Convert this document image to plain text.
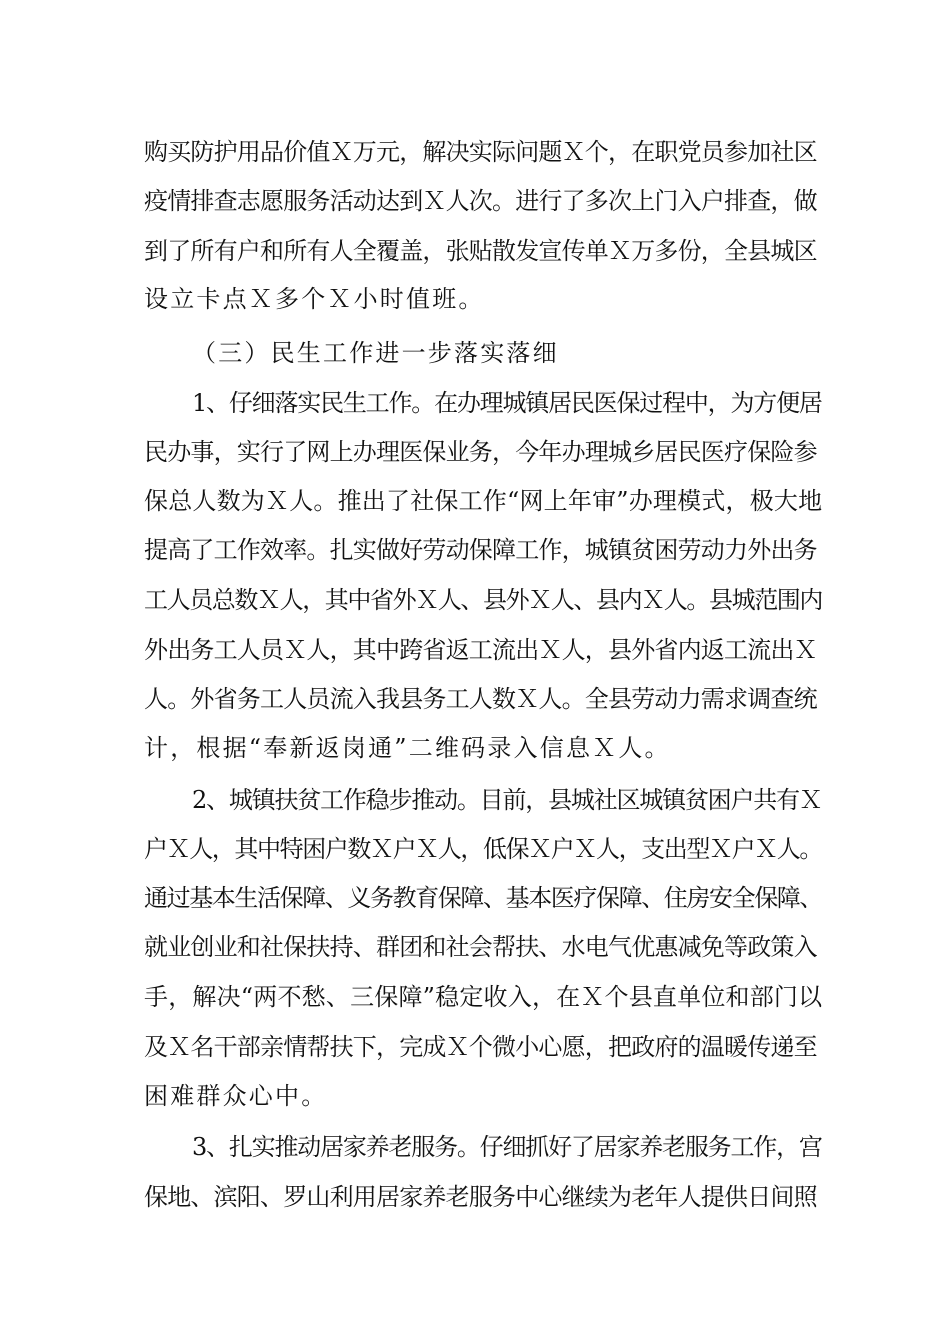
购买防护用品价值Ｘ万元，解决实际问题Ｘ个，在职党员参加社区
疫情排查志愿服务活动达到Ｘ人次。进行了多次上门入户排查，做
到了所有户和所有人全覆盖，张贴散发宣传单Ｘ万多份，全县城区
设立卡点Ｘ多个Ｘ小时值班。
（三）民生工作进一步落实落细
1、仔细落实民生工作。在办理城镇居民医保过程中，为方便居
民办事，实行了网上办理医保业务，今年办理城乡居民医疗保险参
保总人数为Ｘ人。推出了社保工作“网上年审”办理模式，极大地
提高了工作效率。扎实做好劳动保障工作，城镇贫困劳动力外出务
工人员总数Ｘ人，其中省外Ｘ人、县外Ｘ人、县内Ｘ人。县城范围内
外出务工人员Ｘ人，其中跨省返工流出Ｘ人，县外省内返工流出Ｘ
人。外省务工人员流入我县务工人数Ｘ人。全县劳动力需求调查统
计，根据“奉新返岗通”二维码录入信息Ｘ人。
2、城镇扶贫工作稳步推动。目前，县城社区城镇贫困户共有Ｘ
户Ｘ人，其中特困户数Ｘ户Ｘ人，低保Ｘ户Ｘ人，支出型Ｘ户Ｘ人。
通过基本生活保障、义务教育保障、基本医疗保障、住房安全保障、
就业创业和社保扶持、群团和社会帮扶、水电气优惠减免等政策入
手，解决“两不愁、三保障”稳定收入，在Ｘ个县直单位和部门以
及Ｘ名干部亲情帮扶下，完成Ｘ个微小心愿，把政府的温暖传递至
困难群众心中。
3、扎实推动居家养老服务。仔细抓好了居家养老服务工作，宫
保地、滨阳、罗山利用居家养老服务中心继续为老年人提供日间照
